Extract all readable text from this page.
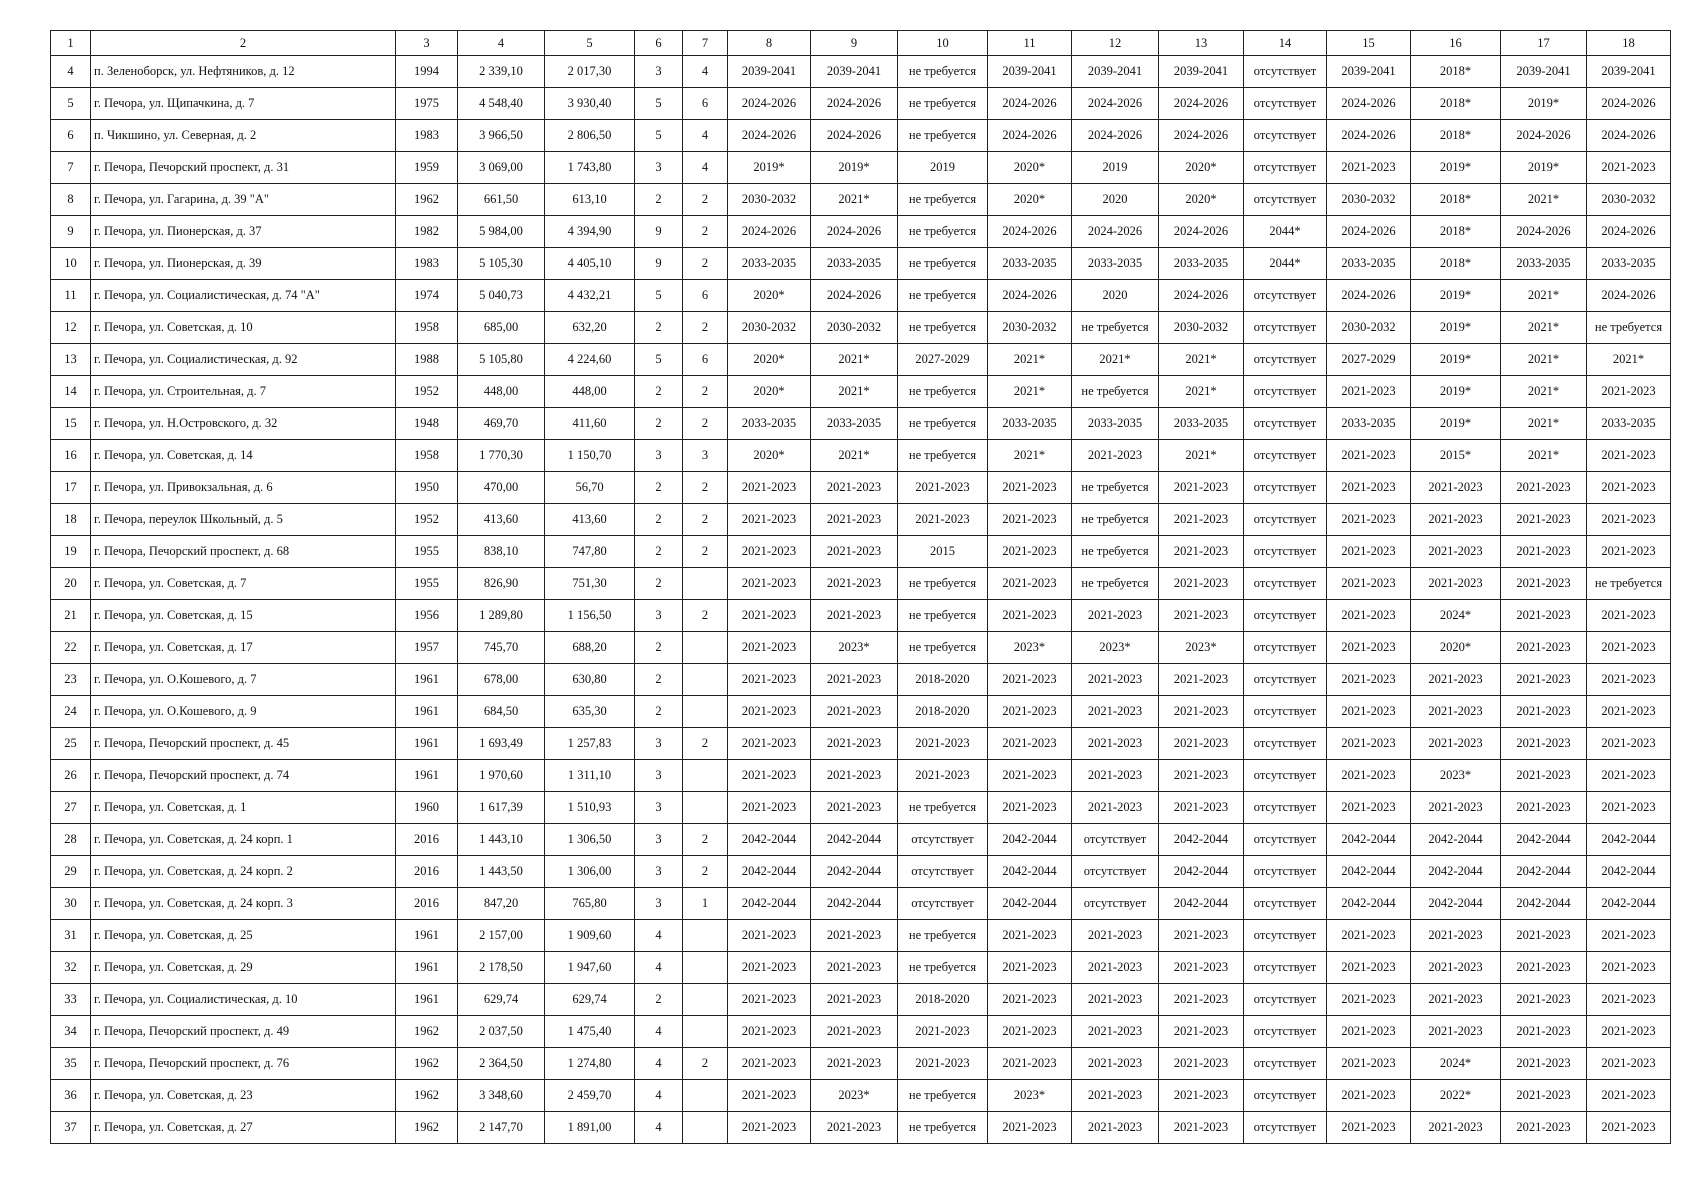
1	2	3	4	5	6	7	8	9	10	11	12	13	14	15	16	17	18
4	п. Зеленоборск, ул. Нефтяников, д. 12	1994	2 339,10	2 017,30	3	4	2039-2041	2039-2041	не требуется	2039-2041	2039-2041	2039-2041	отсутствует	2039-2041	2018*	2039-2041	2039-2041
5	г. Печора, ул. Щипачкина, д. 7	1975	4 548,40	3 930,40	5	6	2024-2026	2024-2026	не требуется	2024-2026	2024-2026	2024-2026	отсутствует	2024-2026	2018*	2019*	2024-2026
6	п. Чикшино, ул. Северная, д. 2	1983	3 966,50	2 806,50	5	4	2024-2026	2024-2026	не требуется	2024-2026	2024-2026	2024-2026	отсутствует	2024-2026	2018*	2024-2026	2024-2026
7	г. Печора, Печорский проспект, д. 31	1959	3 069,00	1 743,80	3	4	2019*	2019*	2019	2020*	2019	2020*	отсутствует	2021-2023	2019*	2019*	2021-2023
8	г. Печора, ул. Гагарина, д. 39 "А"	1962	661,50	613,10	2	2	2030-2032	2021*	не требуется	2020*	2020	2020*	отсутствует	2030-2032	2018*	2021*	2030-2032
9	г. Печора, ул. Пионерская, д. 37	1982	5 984,00	4 394,90	9	2	2024-2026	2024-2026	не требуется	2024-2026	2024-2026	2024-2026	2044*	2024-2026	2018*	2024-2026	2024-2026
10	г. Печора, ул. Пионерская, д. 39	1983	5 105,30	4 405,10	9	2	2033-2035	2033-2035	не требуется	2033-2035	2033-2035	2033-2035	2044*	2033-2035	2018*	2033-2035	2033-2035
11	г. Печора, ул. Социалистическая, д. 74 "А"	1974	5 040,73	4 432,21	5	6	2020*	2024-2026	не требуется	2024-2026	2020	2024-2026	отсутствует	2024-2026	2019*	2021*	2024-2026
12	г. Печора, ул. Советская, д. 10	1958	685,00	632,20	2	2	2030-2032	2030-2032	не требуется	2030-2032	не требуется	2030-2032	отсутствует	2030-2032	2019*	2021*	не требуется
13	г. Печора, ул. Социалистическая, д. 92	1988	5 105,80	4 224,60	5	6	2020*	2021*	2027-2029	2021*	2021*	2021*	отсутствует	2027-2029	2019*	2021*	2021*
14	г. Печора, ул. Строительная, д. 7	1952	448,00	448,00	2	2	2020*	2021*	не требуется	2021*	не требуется	2021*	отсутствует	2021-2023	2019*	2021*	2021-2023
15	г. Печора, ул. Н.Островского, д. 32	1948	469,70	411,60	2	2	2033-2035	2033-2035	не требуется	2033-2035	2033-2035	2033-2035	отсутствует	2033-2035	2019*	2021*	2033-2035
16	г. Печора, ул. Советская, д. 14	1958	1 770,30	1 150,70	3	3	2020*	2021*	не требуется	2021*	2021-2023	2021*	отсутствует	2021-2023	2015*	2021*	2021-2023
17	г. Печора, ул. Привокзальная, д. 6	1950	470,00	56,70	2	2	2021-2023	2021-2023	2021-2023	2021-2023	не требуется	2021-2023	отсутствует	2021-2023	2021-2023	2021-2023	2021-2023
18	г. Печора, переулок Школьный, д. 5	1952	413,60	413,60	2	2	2021-2023	2021-2023	2021-2023	2021-2023	не требуется	2021-2023	отсутствует	2021-2023	2021-2023	2021-2023	2021-2023
19	г. Печора, Печорский проспект, д. 68	1955	838,10	747,80	2	2	2021-2023	2021-2023	2015	2021-2023	не требуется	2021-2023	отсутствует	2021-2023	2021-2023	2021-2023	2021-2023
20	г. Печора, ул. Советская, д. 7	1955	826,90	751,30	2		2021-2023	2021-2023	не требуется	2021-2023	не требуется	2021-2023	отсутствует	2021-2023	2021-2023	2021-2023	не требуется
21	г. Печора, ул. Советская, д. 15	1956	1 289,80	1 156,50	3	2	2021-2023	2021-2023	не требуется	2021-2023	2021-2023	2021-2023	отсутствует	2021-2023	2024*	2021-2023	2021-2023
22	г. Печора, ул. Советская, д. 17	1957	745,70	688,20	2		2021-2023	2023*	не требуется	2023*	2023*	2023*	отсутствует	2021-2023	2020*	2021-2023	2021-2023
23	г. Печора, ул. О.Кошевого, д. 7	1961	678,00	630,80	2		2021-2023	2021-2023	2018-2020	2021-2023	2021-2023	2021-2023	отсутствует	2021-2023	2021-2023	2021-2023	2021-2023
24	г. Печора, ул. О.Кошевого, д. 9	1961	684,50	635,30	2		2021-2023	2021-2023	2018-2020	2021-2023	2021-2023	2021-2023	отсутствует	2021-2023	2021-2023	2021-2023	2021-2023
25	г. Печора, Печорский проспект, д. 45	1961	1 693,49	1 257,83	3	2	2021-2023	2021-2023	2021-2023	2021-2023	2021-2023	2021-2023	отсутствует	2021-2023	2021-2023	2021-2023	2021-2023
26	г. Печора, Печорский проспект, д. 74	1961	1 970,60	1 311,10	3		2021-2023	2021-2023	2021-2023	2021-2023	2021-2023	2021-2023	отсутствует	2021-2023	2023*	2021-2023	2021-2023
27	г. Печора, ул. Советская, д. 1	1960	1 617,39	1 510,93	3		2021-2023	2021-2023	не требуется	2021-2023	2021-2023	2021-2023	отсутствует	2021-2023	2021-2023	2021-2023	2021-2023
28	г. Печора, ул. Советская, д. 24 корп. 1	2016	1 443,10	1 306,50	3	2	2042-2044	2042-2044	отсутствует	2042-2044	отсутствует	2042-2044	отсутствует	2042-2044	2042-2044	2042-2044	2042-2044
29	г. Печора, ул. Советская, д. 24 корп. 2	2016	1 443,50	1 306,00	3	2	2042-2044	2042-2044	отсутствует	2042-2044	отсутствует	2042-2044	отсутствует	2042-2044	2042-2044	2042-2044	2042-2044
30	г. Печора, ул. Советская, д. 24 корп. 3	2016	847,20	765,80	3	1	2042-2044	2042-2044	отсутствует	2042-2044	отсутствует	2042-2044	отсутствует	2042-2044	2042-2044	2042-2044	2042-2044
31	г. Печора, ул. Советская, д. 25	1961	2 157,00	1 909,60	4		2021-2023	2021-2023	не требуется	2021-2023	2021-2023	2021-2023	отсутствует	2021-2023	2021-2023	2021-2023	2021-2023
32	г. Печора, ул. Советская, д. 29	1961	2 178,50	1 947,60	4		2021-2023	2021-2023	не требуется	2021-2023	2021-2023	2021-2023	отсутствует	2021-2023	2021-2023	2021-2023	2021-2023
33	г. Печора, ул. Социалистическая, д. 10	1961	629,74	629,74	2		2021-2023	2021-2023	2018-2020	2021-2023	2021-2023	2021-2023	отсутствует	2021-2023	2021-2023	2021-2023	2021-2023
34	г. Печора, Печорский проспект, д. 49	1962	2 037,50	1 475,40	4		2021-2023	2021-2023	2021-2023	2021-2023	2021-2023	2021-2023	отсутствует	2021-2023	2021-2023	2021-2023	2021-2023
35	г. Печора, Печорский проспект, д. 76	1962	2 364,50	1 274,80	4	2	2021-2023	2021-2023	2021-2023	2021-2023	2021-2023	2021-2023	отсутствует	2021-2023	2024*	2021-2023	2021-2023
36	г. Печора, ул. Советская, д. 23	1962	3 348,60	2 459,70	4		2021-2023	2023*	не требуется	2023*	2021-2023	2021-2023	отсутствует	2021-2023	2022*	2021-2023	2021-2023
37	г. Печора, ул. Советская, д. 27	1962	2 147,70	1 891,00	4		2021-2023	2021-2023	не требуется	2021-2023	2021-2023	2021-2023	отсутствует	2021-2023	2021-2023	2021-2023	2021-2023
